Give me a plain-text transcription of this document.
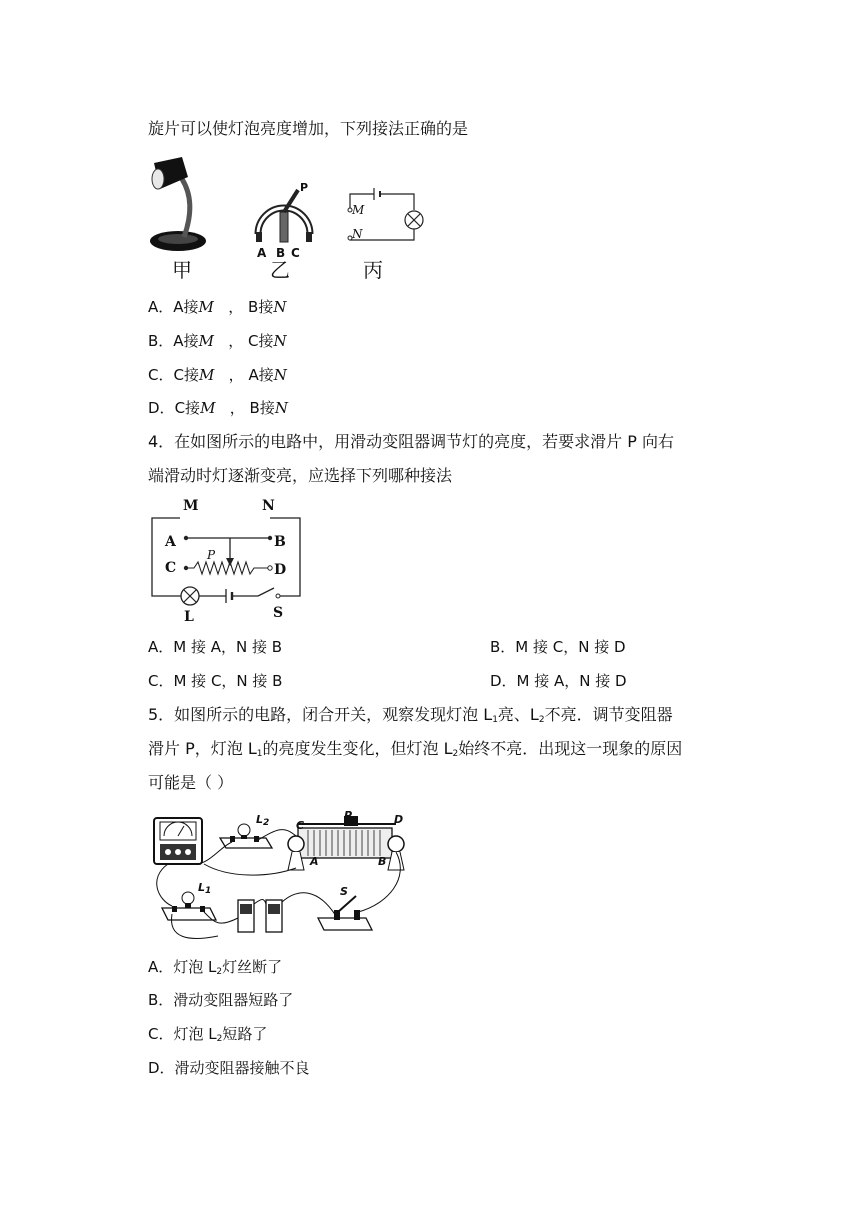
旋片可以使灯泡亮度增加，下列接法正确的是
甲
P
A B C
乙
M
N
丙
A．A接M ， B接N
B．A接M ， C接N
C．C接M ， A接N
D．C接M ， B接N
4．在如图所示的电路中，用滑动变阻器调节灯的亮度，若要求滑片 P 向右
端滑动时灯逐渐变亮，应选择下列哪种接法
M	N
A	B
P
C	D
L	S
A．M 接 A，N 接 B	B．M 接 C，N 接 D
C．M 接 C，N 接 B	D．M 接 A，N 接 D
5．如图所示的电路，闭合开关，观察发现灯泡 $L_1$亮、$L_2$不亮．调节变阻器
滑片 P，灯泡 $L_1$的亮度发生变化，但灯泡 $L_2$始终不亮．出现这一现象的原因
可能是（ ）
$L_2$ C
P	D
A	B
$L_1$	S
A．灯泡 $L_2$灯丝断了
B．滑动变阻器短路了
C．灯泡 $L_2$短路了
D．滑动变阻器接触不良
